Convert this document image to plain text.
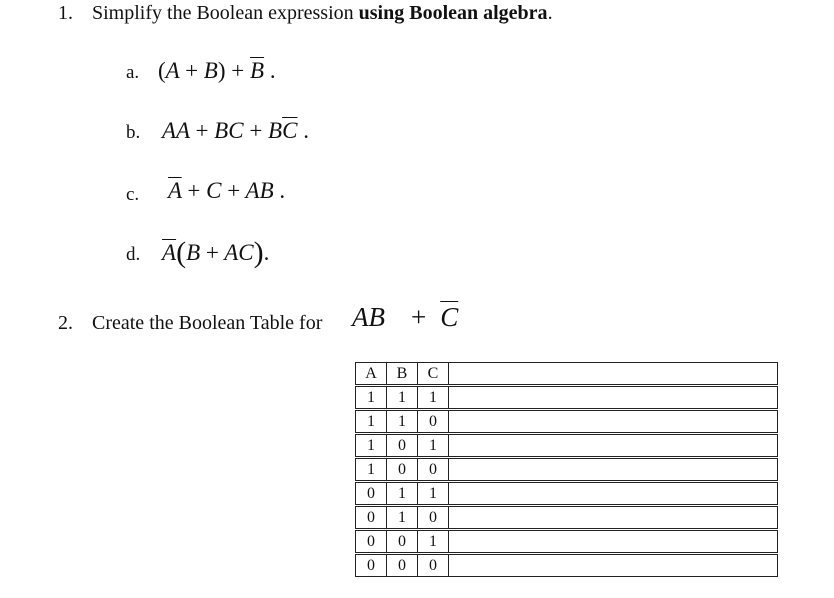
1. Simplify the Boolean expression using Boolean algebra.
a. $(A + B) + \overline{B}$ .
b. AA + BC + $B\overline{C}$ .
c. $\overline{A} + C$ + AB .
d. $\overline{A}(B + AC)$.
2. Create the Boolean Table for AB + $\overline{C}$
A	B	C	
1	1	1	
1	1	0	
1	0	1	
1	0	0	
0	1	1	
0	1	0	
0	0	1	
0	0	0	
